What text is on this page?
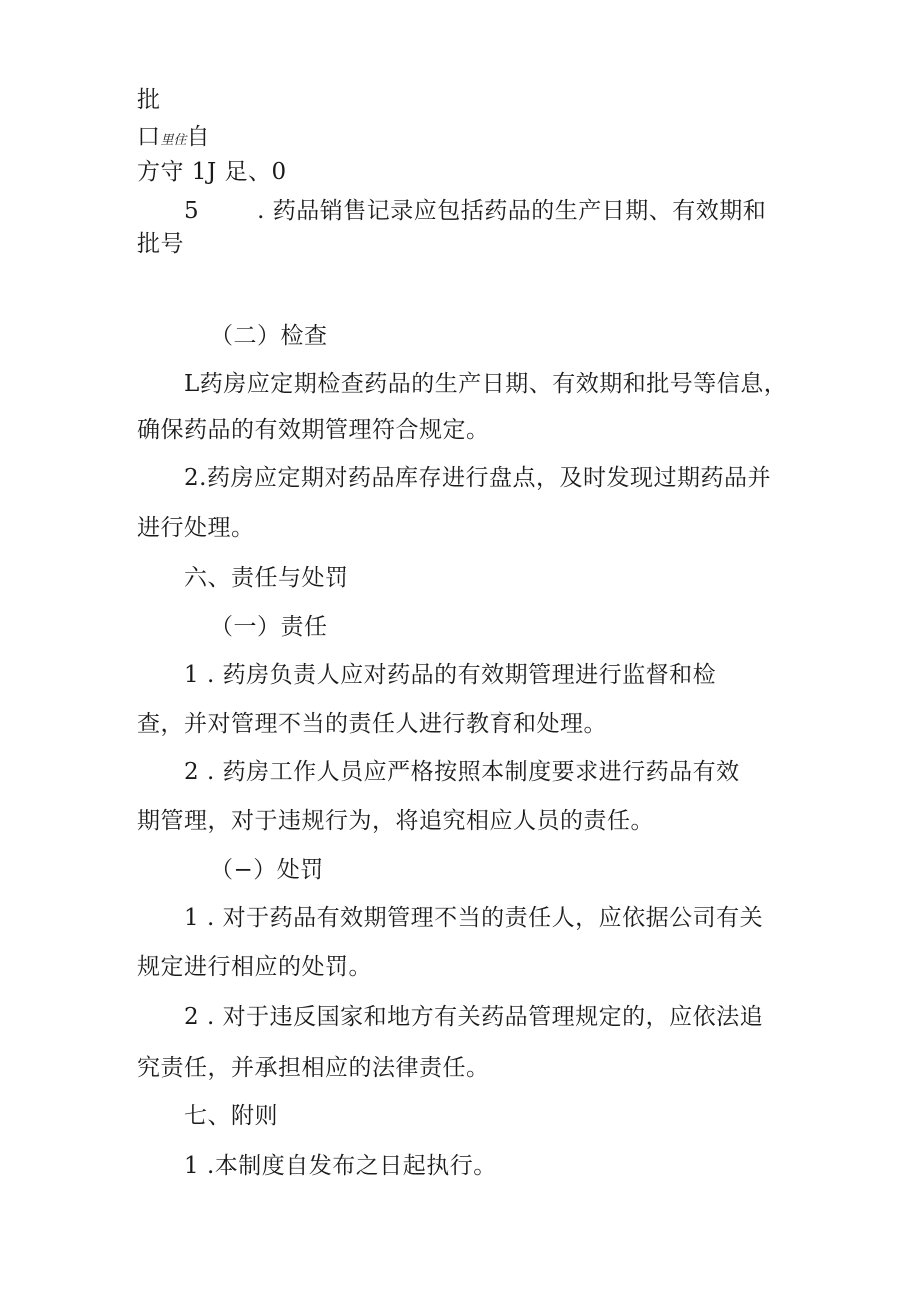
批
口里住自
方守 1J 足、0
5	. 药品销售记录应包括药品的生产日期、有效期和
批号
（二）检查
L药房应定期检查药品的生产日期、有效期和批号等信息，
确保药品的有效期管理符合规定。
2.药房应定期对药品库存进行盘点，及时发现过期药品并
进行处理。
六、责任与处罚
（一）责任
1 . 药房负责人应对药品的有效期管理进行监督和检
查，并对管理不当的责任人进行教育和处理。
2 . 药房工作人员应严格按照本制度要求进行药品有效
期管理，对于违规行为，将追究相应人员的责任。
（−）处罚
1 . 对于药品有效期管理不当的责任人，应依据公司有关
规定进行相应的处罚。
2 . 对于违反国家和地方有关药品管理规定的，应依法追
究责任，并承担相应的法律责任。
七、附则
1 .本制度自发布之日起执行。
